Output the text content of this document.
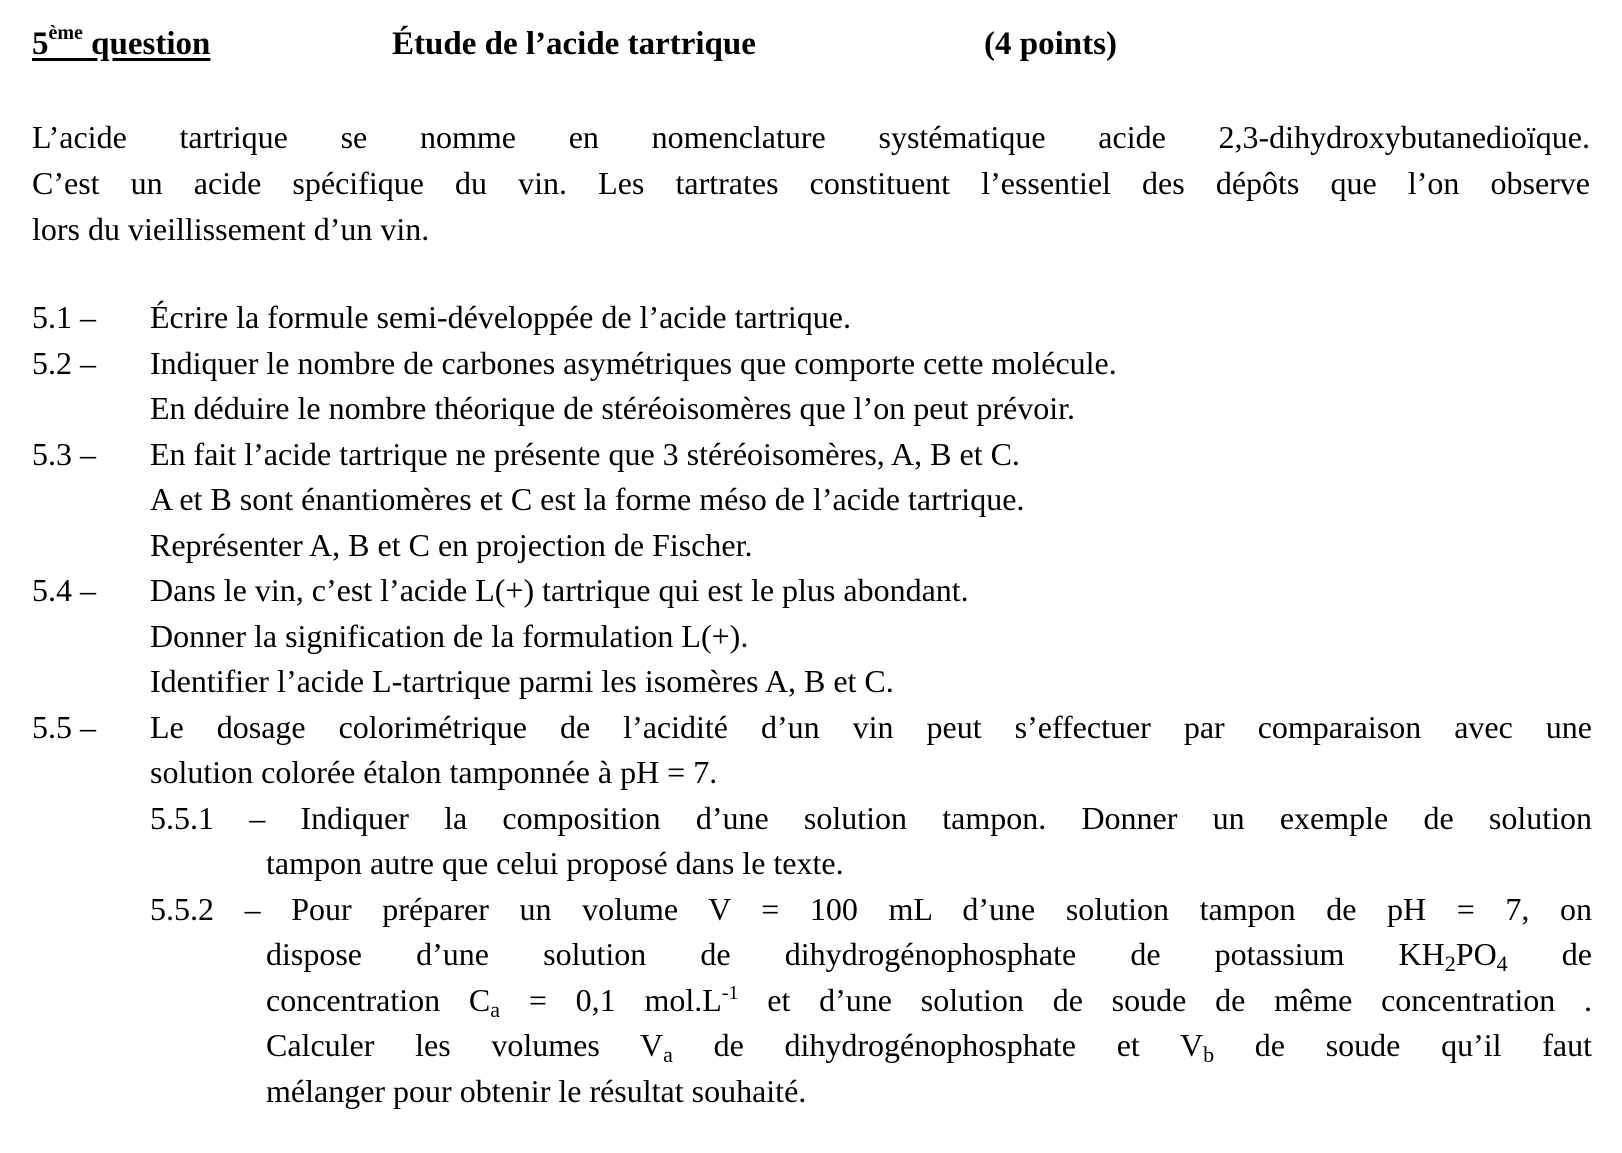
5ème question	Étude de l’acide tartrique	(4 points)
L’acide tartrique se nomme en nomenclature systématique acide 2,3-dihydroxybutanedioïque.
C’est un acide spécifique du vin. Les tartrates constituent l’essentiel des dépôts que l’on observe
lors du vieillissement d’un vin.
5.1 – Écrire la formule semi-développée de l’acide tartrique.
5.2 – Indiquer le nombre de carbones asymétriques que comporte cette molécule.
En déduire le nombre théorique de stéréoisomères que l’on peut prévoir.
5.3 – En fait l’acide tartrique ne présente que 3 stéréoisomères, A, B et C.
A et B sont énantiomères et C est la forme méso de l’acide tartrique.
Représenter A, B et C en projection de Fischer.
5.4 – Dans le vin, c’est l’acide L(+) tartrique qui est le plus abondant.
Donner la signification de la formulation L(+).
Identifier l’acide L-tartrique parmi les isomères A, B et C.
5.5 – Le dosage colorimétrique de l’acidité d’un vin peut s’effectuer par comparaison avec une
solution colorée étalon tamponnée à pH = 7.
5.5.1 – Indiquer la composition d’une solution tampon. Donner un exemple de solution
tampon autre que celui proposé dans le texte.
5.5.2 – Pour préparer un volume V = 100 mL d’une solution tampon de pH = 7, on
dispose d’une solution de dihydrogénophosphate de potassium $KH_2PO_4$ de
concentration $C_a = 0,1$ $mol.L^{-1}$ et d’une solution de soude de même concentration .
Calculer les volumes $V_a$ de dihydrogénophosphate et $V_b$ de soude qu’il faut
mélanger pour obtenir le résultat souhaité.
